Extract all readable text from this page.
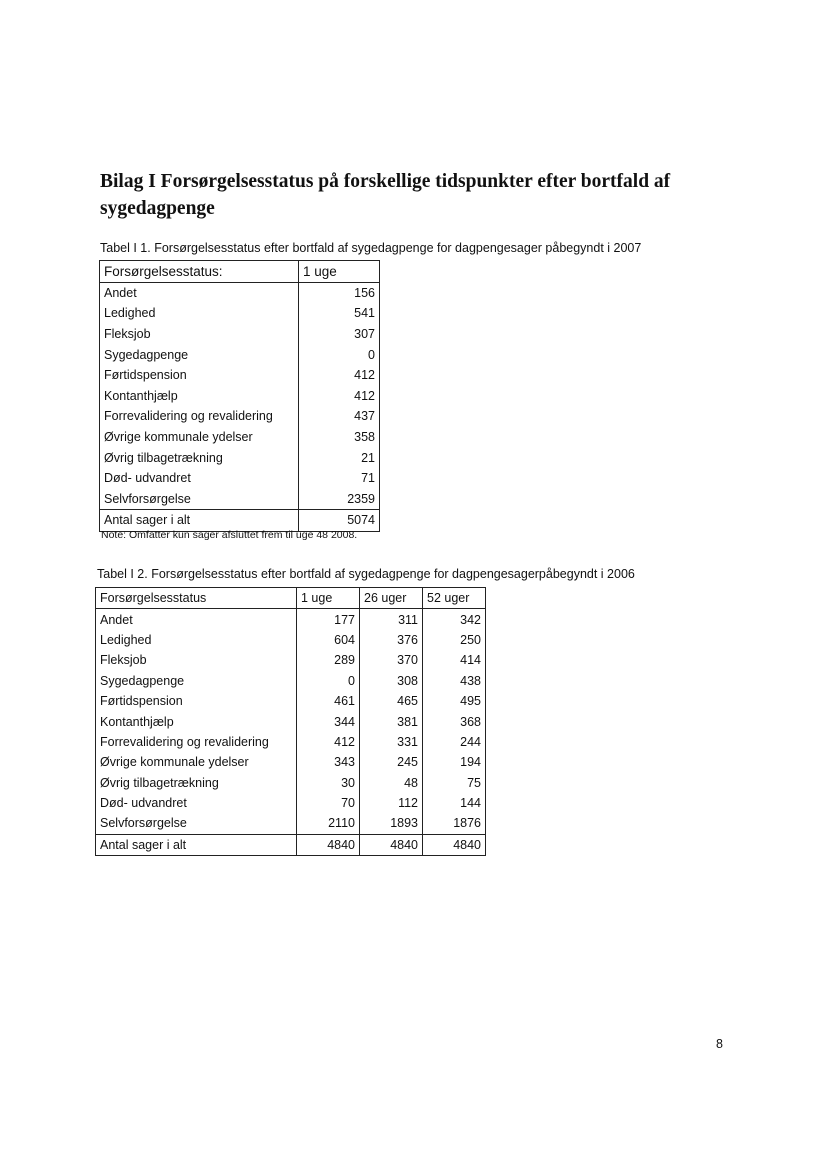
Bilag I Forsørgelsesstatus på forskellige tidspunkter efter bortfald af sygedagpenge

Tabel I 1. Forsørgelsesstatus efter bortfald af sygedagpenge for dagpengesager påbegyndt i 2007

Forsørgelsesstatus:	1 uge
Andet	156
Ledighed	541
Fleksjob	307
Sygedagpenge	0
Førtidspension	412
Kontanthjælp	412
Forrevalidering og revalidering	437
Øvrige kommunale ydelser	358
Øvrig tilbagetrækning	21
Død- udvandret	71
Selvforsørgelse	2359
Antal sager i alt	5074

Note: Omfatter kun sager afsluttet frem til uge 48 2008.

Tabel I 2. Forsørgelsesstatus efter bortfald af sygedagpenge for dagpengesagerpåbegyndt i 2006

Forsørgelsesstatus	1 uge	26 uger	52 uger
Andet	177	311	342
Ledighed	604	376	250
Fleksjob	289	370	414
Sygedagpenge	0	308	438
Førtidspension	461	465	495
Kontanthjælp	344	381	368
Forrevalidering og revalidering	412	331	244
Øvrige kommunale ydelser	343	245	194
Øvrig tilbagetrækning	30	48	75
Død- udvandret	70	112	144
Selvforsørgelse	2110	1893	1876
Antal sager i alt	4840	4840	4840
8
